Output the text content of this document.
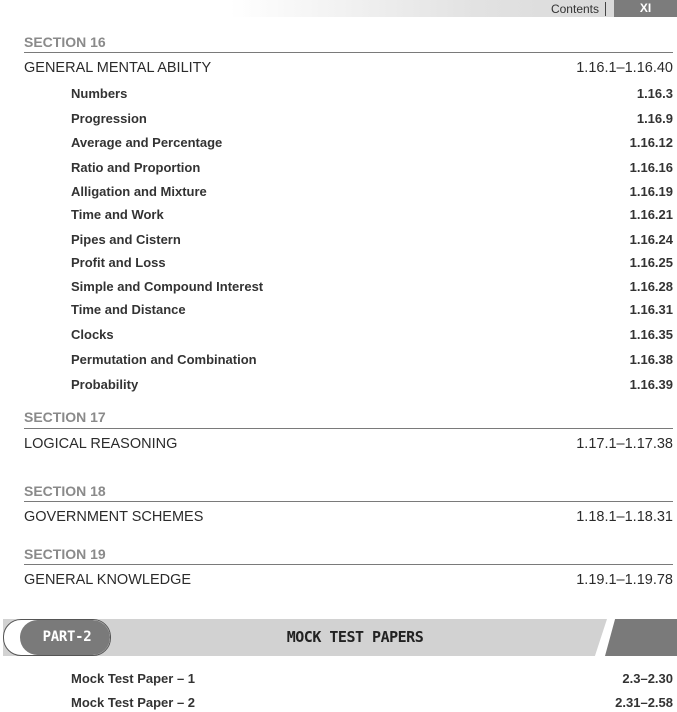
Contents	XI
SECTION 16
GENERAL MENTAL ABILITY	1.16.1–1.16.40
Numbers	1.16.3
Progression	1.16.9
Average and Percentage	1.16.12
Ratio and Proportion	1.16.16
Alligation and Mixture	1.16.19
Time and Work	1.16.21
Pipes and Cistern	1.16.24
Profit and Loss	1.16.25
Simple and Compound Interest	1.16.28
Time and Distance	1.16.31
Clocks	1.16.35
Permutation and Combination	1.16.38
Probability	1.16.39
SECTION 17
LOGICAL REASONING	1.17.1–1.17.38
SECTION 18
GOVERNMENT SCHEMES	1.18.1–1.18.31
SECTION 19
GENERAL KNOWLEDGE	1.19.1–1.19.78
PART-2	MOCK TEST PAPERS
Mock Test Paper – 1	2.3–2.30
Mock Test Paper – 2	2.31–2.58
